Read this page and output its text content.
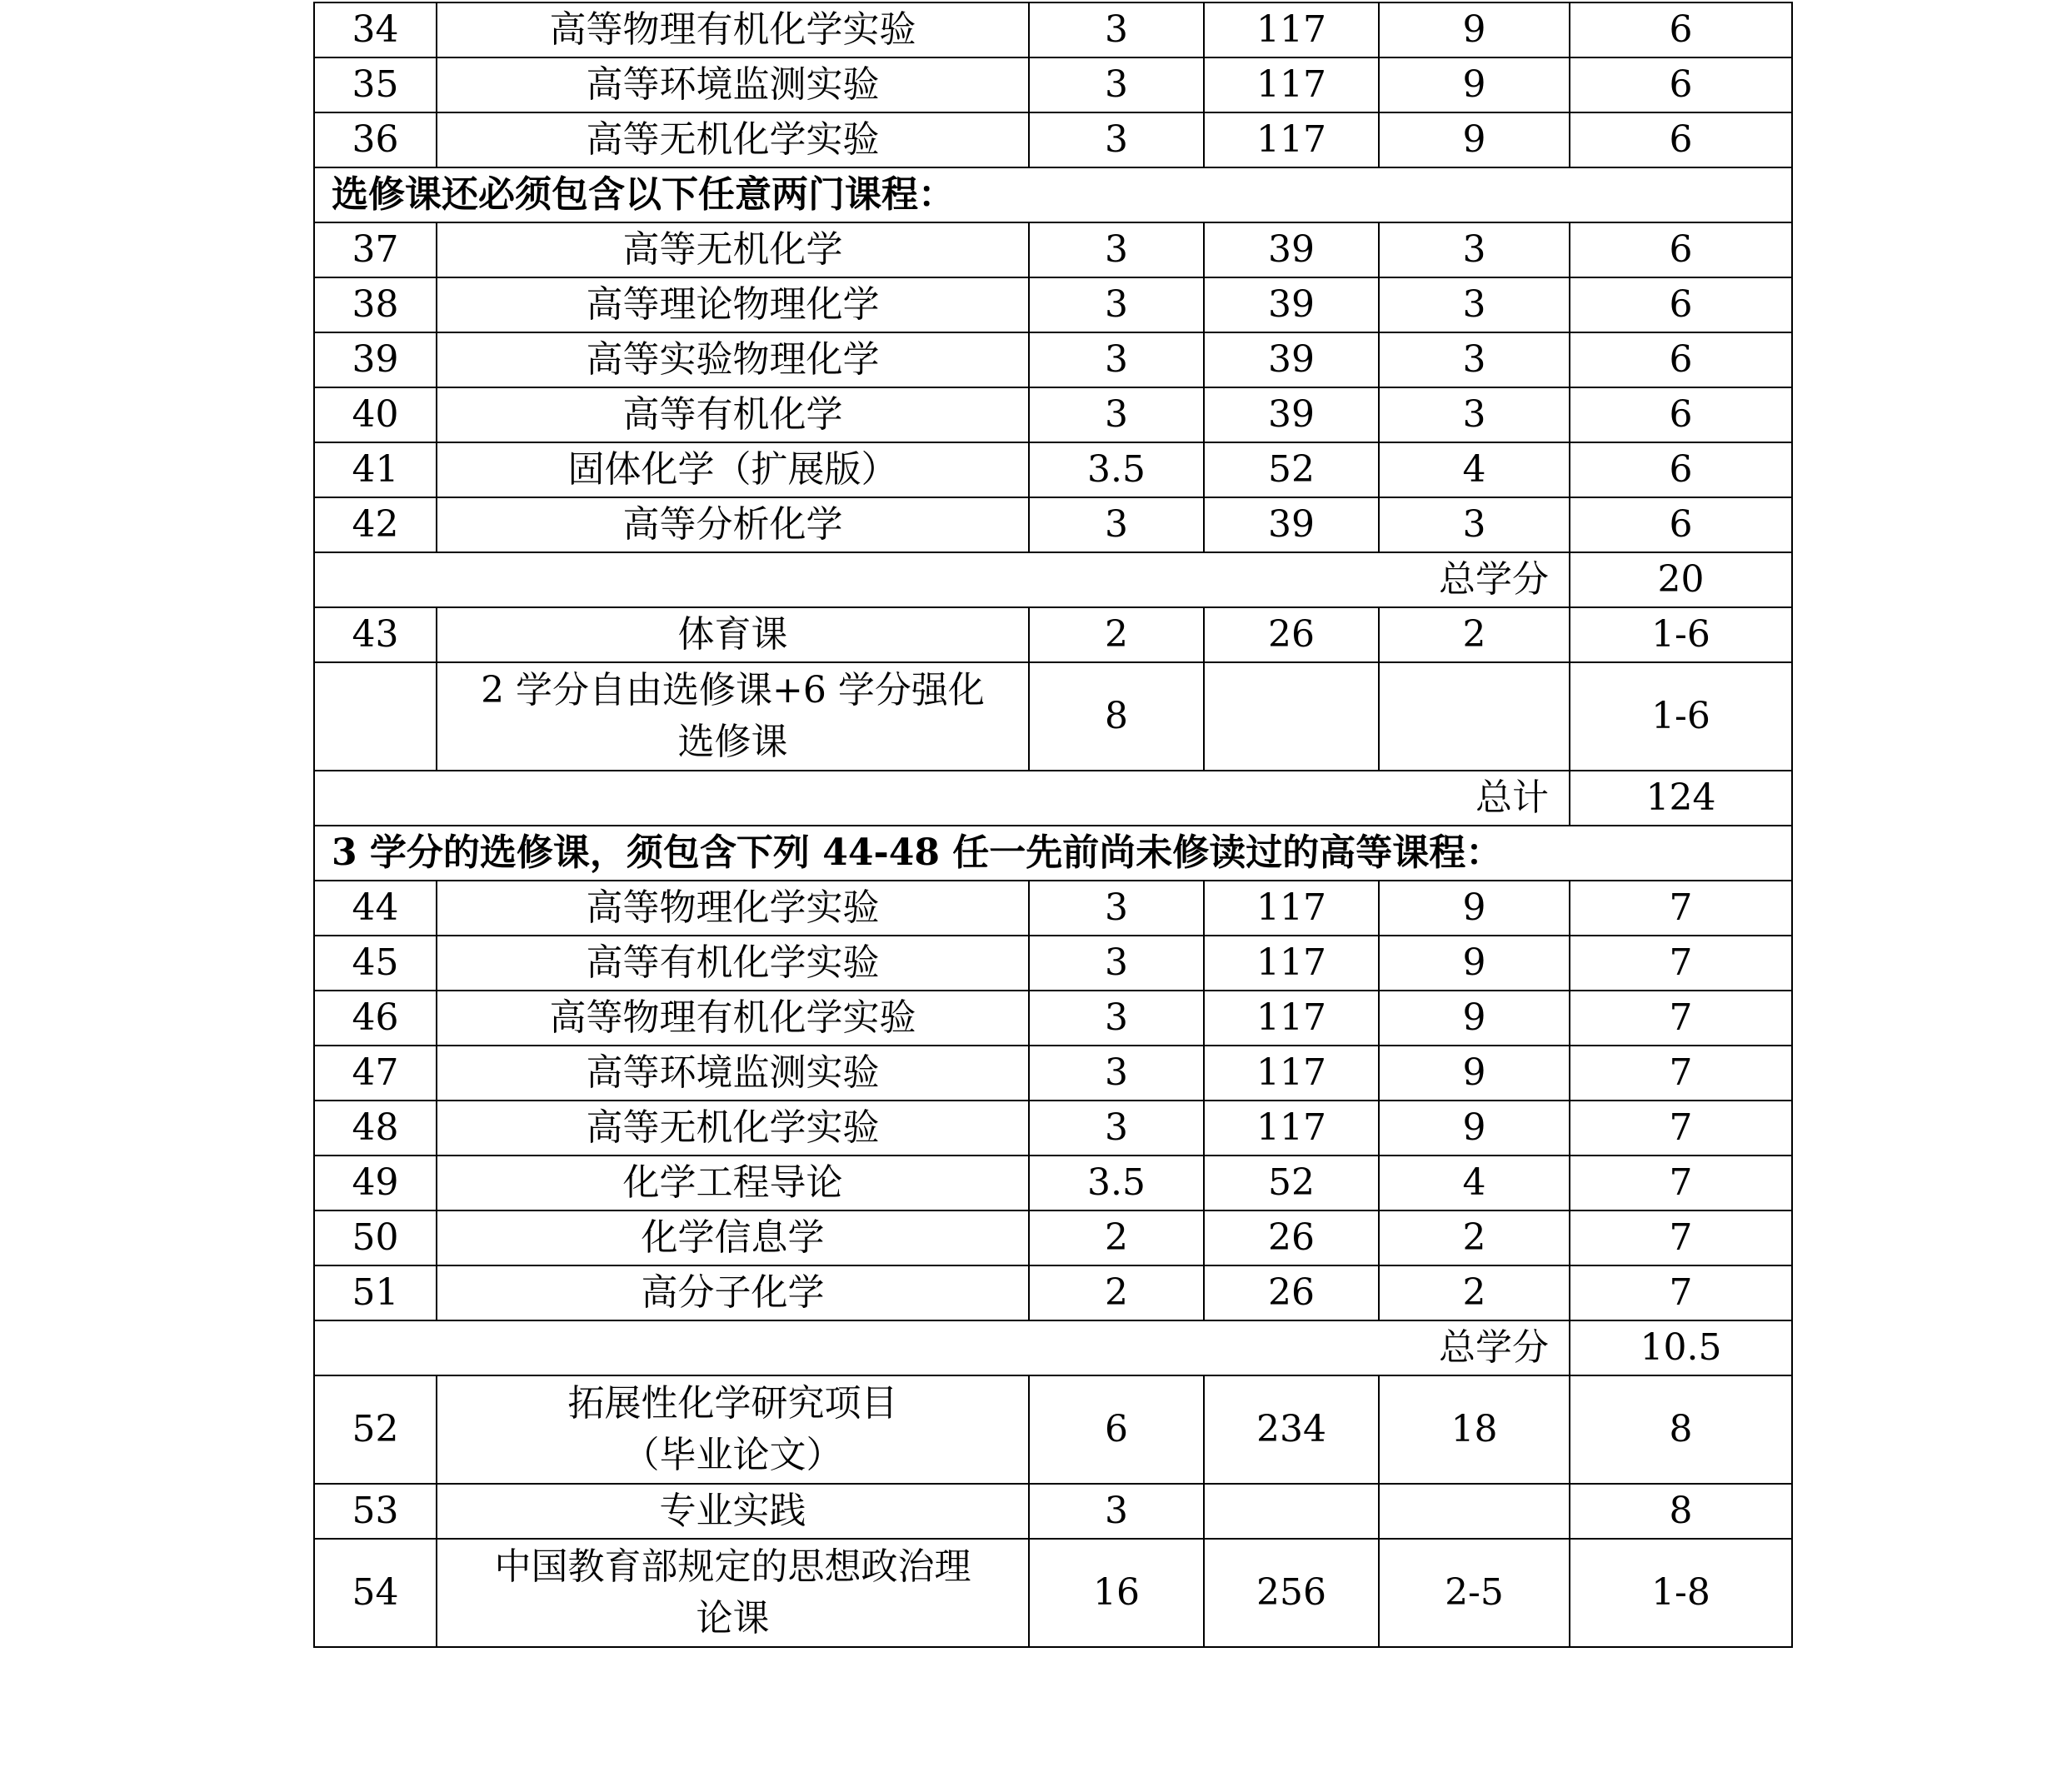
34	高等物理有机化学实验	3	117	9	6
35	高等环境监测实验	3	117	9	6
36	高等无机化学实验	3	117	9	6
选修课还必须包含以下任意两门课程：					
37	高等无机化学	3	39	3	6
38	高等理论物理化学	3	39	3	6
39	高等实验物理化学	3	39	3	6
40	高等有机化学	3	39	3	6
41	固体化学（扩展版）	3.5	52	4	6
42	高等分析化学	3	39	3	6
总学分					20
43	体育课	2	26	2	1-6

	2 学分自由选修课+6 学分强化
选修课	8			1-6
总计					124
3 学分的选修课，须包含下列 44-48 任一先前尚未修读过的高等课程：					
44	高等物理化学实验	3	117	9	7
45	高等有机化学实验	3	117	9	7
46	高等物理有机化学实验	3	117	9	7
47	高等环境监测实验	3	117	9	7
48	高等无机化学实验	3	117	9	7
49	化学工程导论	3.5	52	4	7
50	化学信息学	2	26	2	7
51	高分子化学	2	26	2	7
总学分					10.5
52	拓展性化学研究项目
（毕业论文）	6	234	18	8
53	专业实践	3			8
54	中国教育部规定的思想政治理
论课	16	256	2-5	1-8
